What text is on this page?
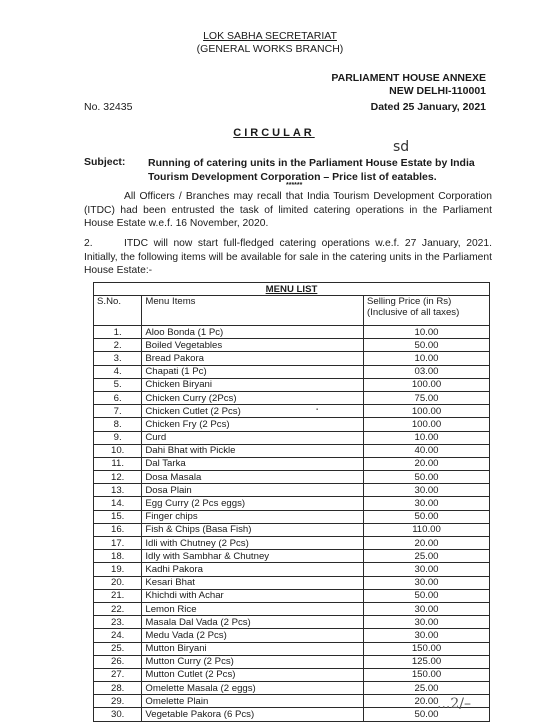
LOK SABHA SECRETARIAT
(GENERAL WORKS BRANCH)
PARLIAMENT HOUSE ANNEXE
NEW DELHI-110001
No. 32435	Dated 25 January, 2021
CIRCULAR
sd
Subject: Running of catering units in the Parliament House Estate by India Tourism Development Corporation – Price list of eatables.
******
All Officers / Branches may recall that India Tourism Development Corporation (ITDC) had been entrusted the task of limited catering operations in the Parliament House Estate w.e.f. 16 November, 2020.
2.	ITDC will now start full-fledged catering operations w.e.f. 27 January, 2021. Initially, the following items will be available for sale in the catering units in the Parliament House Estate:-
MENU LIST		
S.No.	Menu Items	Selling Price (in Rs)
(Inclusive of all taxes)
1.	Aloo Bonda (1 Pc)	10.00
2.	Boiled Vegetables	50.00
3.	Bread Pakora	10.00
4.	Chapati (1 Pc)	03.00
5.	Chicken Biryani	100.00
6.	Chicken Curry (2Pcs)	75.00
7.	Chicken Cutlet (2 Pcs)	100.00
8.	Chicken Fry (2 Pcs)	100.00
9.	Curd	10.00
10.	Dahi Bhat with Pickle	40.00
11.	Dal Tarka	20.00
12.	Dosa Masala	50.00
13.	Dosa Plain	30.00
14.	Egg Curry (2 Pcs eggs)	30.00
15.	Finger chips	50.00
16.	Fish & Chips (Basa Fish)	110.00
17.	Idli with Chutney (2 Pcs)	20.00
18.	Idly with Sambhar & Chutney	25.00
19.	Kadhi Pakora	30.00
20.	Kesari Bhat	30.00
21.	Khichdi with Achar	50.00
22.	Lemon Rice	30.00
23.	Masala Dal Vada (2 Pcs)	30.00
24.	Medu Vada (2 Pcs)	30.00
25.	Mutton Biryani	150.00
26.	Mutton Curry (2 Pcs)	125.00
27.	Mutton Cutlet (2 Pcs)	150.00
28.	Omelette Masala (2 eggs)	25.00
29.	Omelette Plain	20.00
30.	Vegetable Pakora (6 Pcs)	50.00
▪
...2/–
